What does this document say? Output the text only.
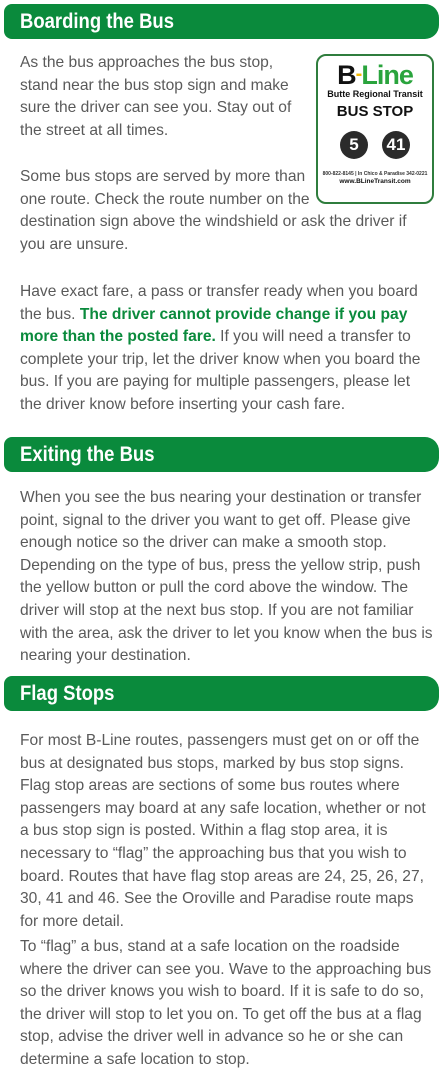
Boarding the Bus

As the bus approaches the bus stop, stand near the bus stop sign and make sure the driver can see you. Stay out of the street at all times.

Some bus stops are served by more than one route. Check the route number on the

destination sign above the windshield or ask the driver if you are unsure.

Have exact fare, a pass or transfer ready when you board the bus. The driver cannot provide change if you pay more than the posted fare. If you will need a transfer to complete your trip, let the driver know when you board the bus. If you are paying for multiple passengers, please let the driver know before inserting your cash fare.

B-Line
Butte Regional Transit
BUS STOP
5	41
800-822-8145 | In Chico & Paradise 342-0221
www.BLineTransit.com
Exiting the Bus

When you see the bus nearing your destination or transfer point, signal to the driver you want to get off. Please give enough notice so the driver can make a smooth stop. Depending on the type of bus, press the yellow strip, push the yellow button or pull the cord above the window. The driver will stop at the next bus stop. If you are not familiar with the area, ask the driver to let you know when the bus is nearing your destination.

Flag Stops

For most B-Line routes, passengers must get on or off the bus at designated bus stops, marked by bus stop signs. Flag stop areas are sections of some bus routes where passengers may board at any safe location, whether or not a bus stop sign is posted. Within a flag stop area, it is necessary to “flag” the approaching bus that you wish to board. Routes that have flag stop areas are 24, 25, 26, 27, 30, 41 and 46. See the Oroville and Paradise route maps for more detail.

To “flag” a bus, stand at a safe location on the roadside where the driver can see you. Wave to the approaching bus so the driver knows you wish to board. If it is safe to do so, the driver will stop to let you on. To get off the bus at a flag stop, advise the driver well in advance so he or she can determine a safe location to stop.
